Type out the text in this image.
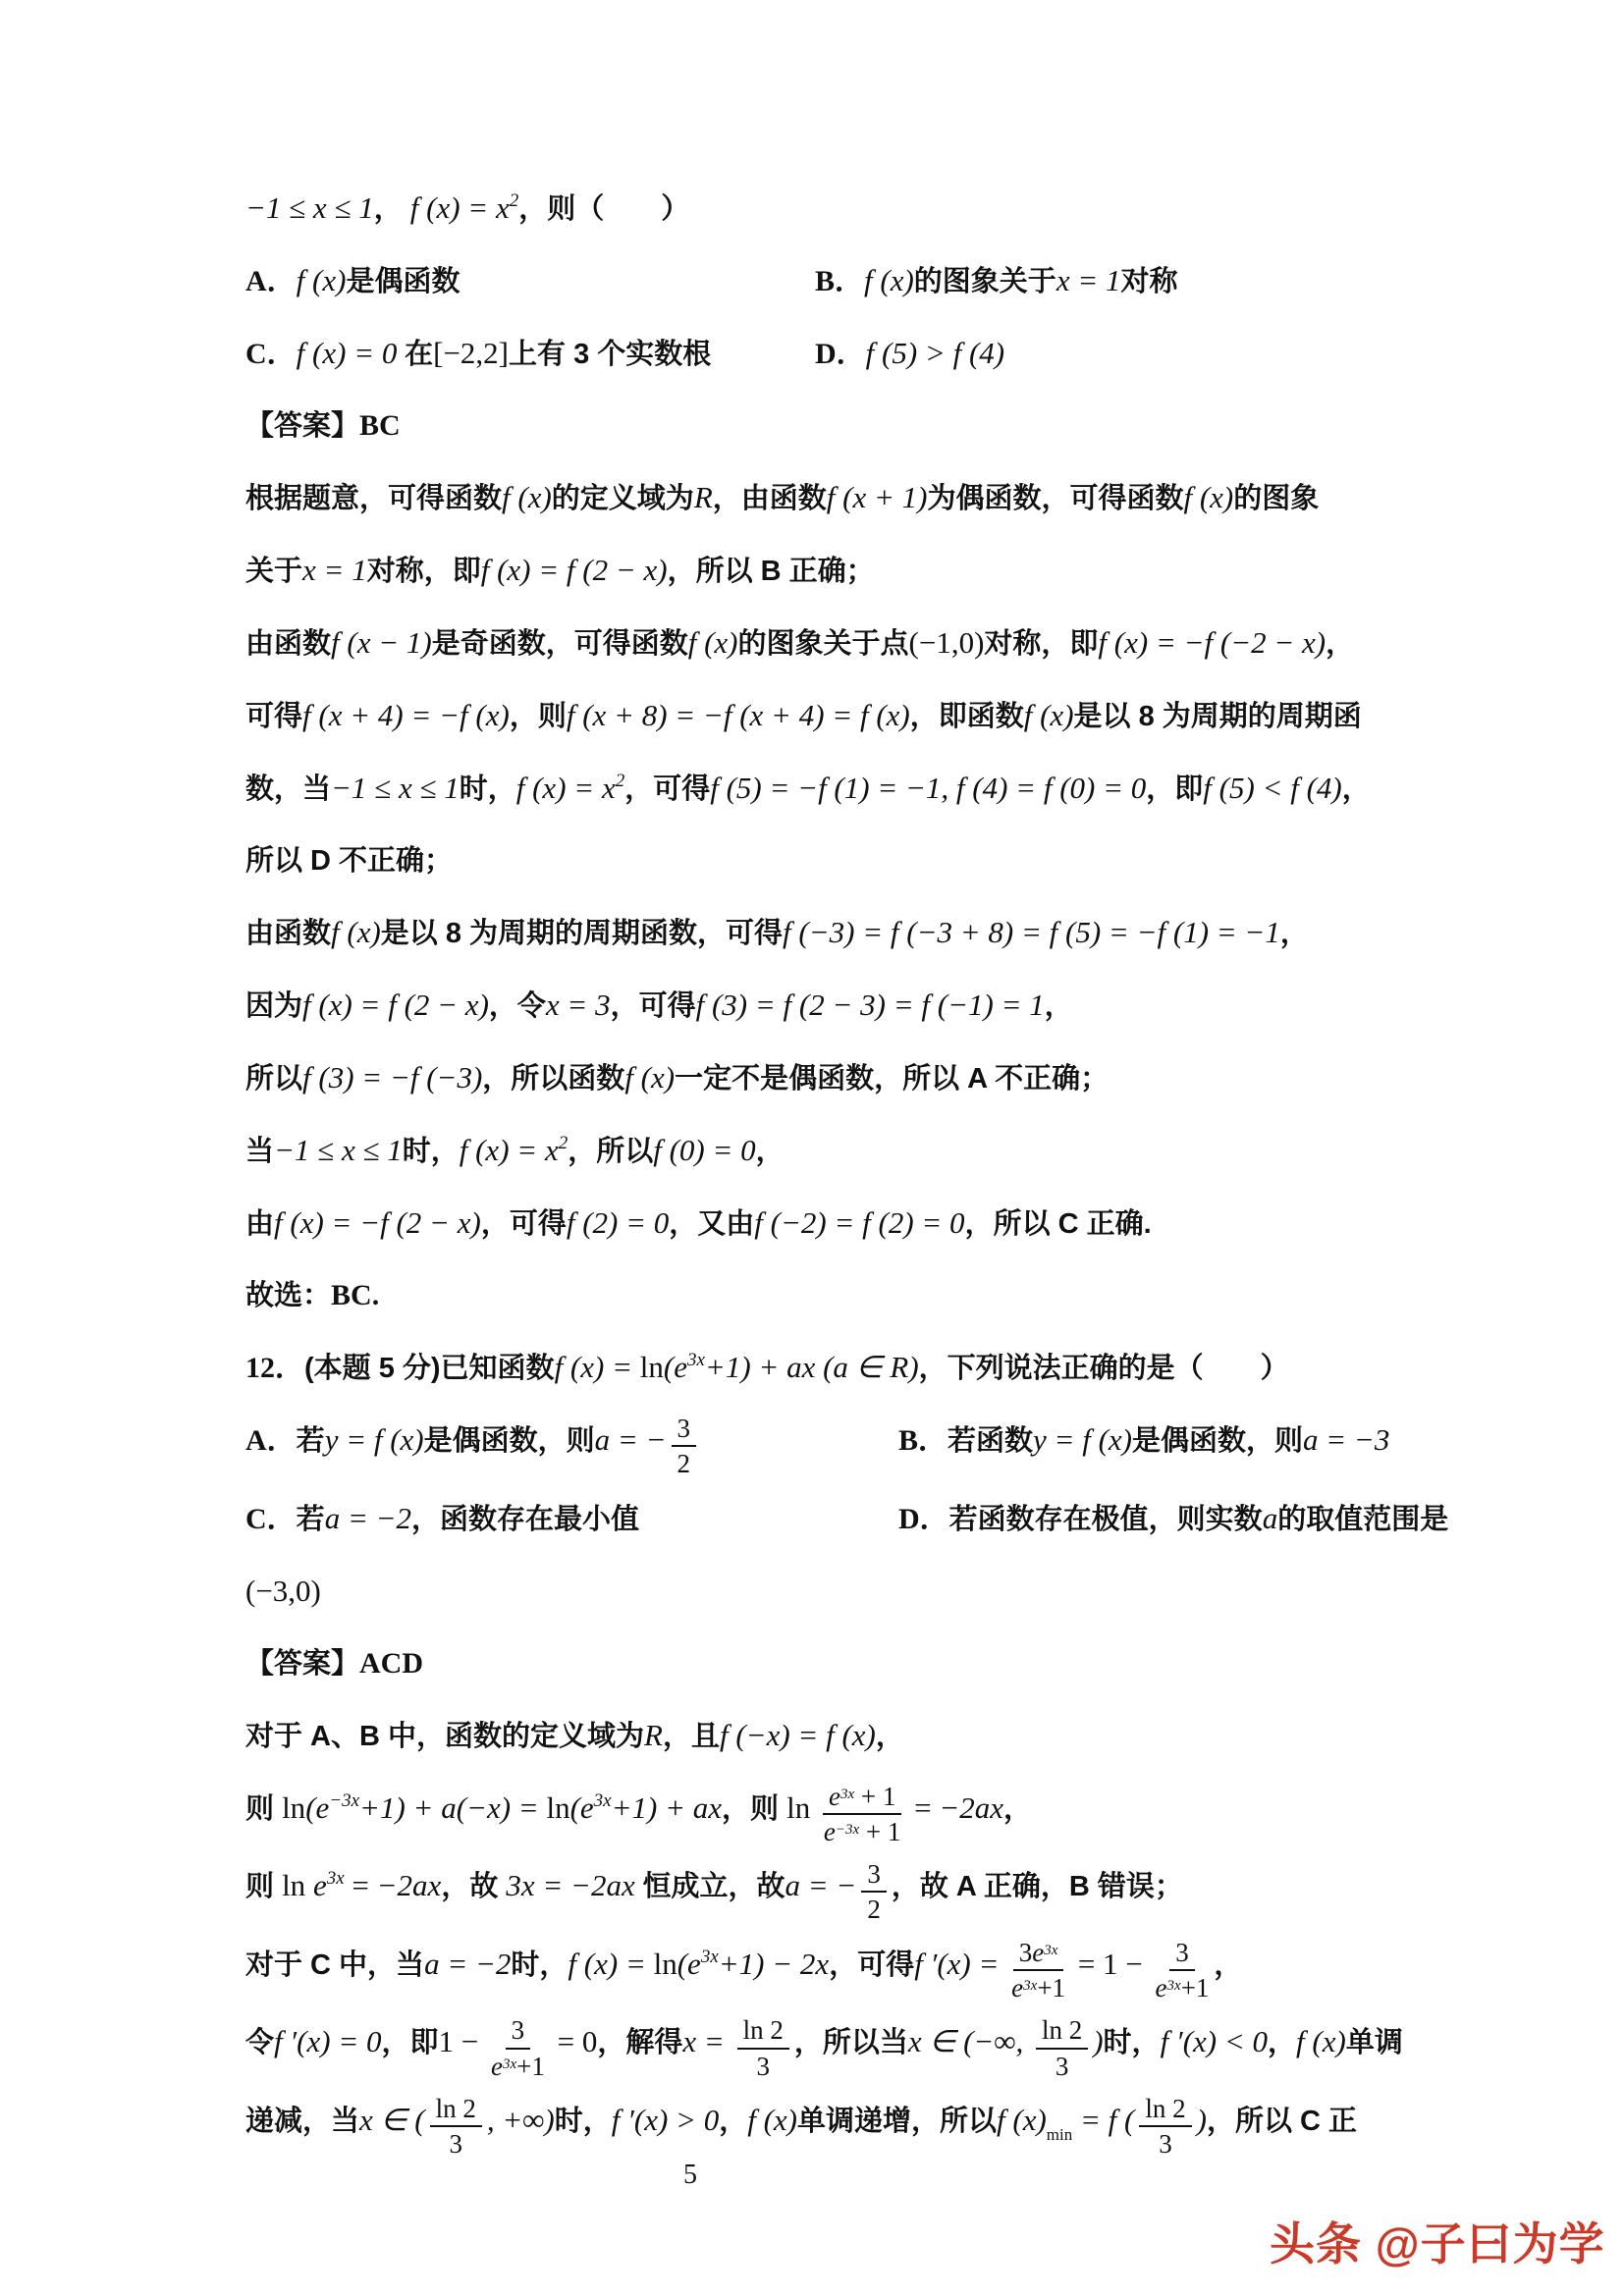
−1 ≤ x ≤ 1， f (x) = x2，则（　　）
A．f (x)是偶函数	B．f (x)的图象关于x = 1对称
C．f (x) = 0 在[−2,2]上有 3 个实数根	D．f (5) > f (4)
【答案】BC
根据题意，可得函数f (x)的定义域为R，由函数f (x + 1)为偶函数，可得函数f (x)的图象
关于x = 1对称，即f (x) = f (2 − x)，所以 B 正确；
由函数f (x − 1)是奇函数，可得函数f (x)的图象关于点(−1,0)对称，即f (x) = −f (−2 − x)，
可得f (x + 4) = −f (x)，则f (x + 8) = −f (x + 4) = f (x)，即函数f (x)是以 8 为周期的周期函
数，当−1 ≤ x ≤ 1时，f (x) = x2，可得f (5) = −f (1) = −1, f (4) = f (0) = 0，即f (5) < f (4)，
所以 D 不正确；
由函数f (x)是以 8 为周期的周期函数，可得f (−3) = f (−3 + 8) = f (5) = −f (1) = −1，
因为f (x) = f (2 − x)，令x = 3，可得f (3) = f (2 − 3) = f (−1) = 1，
所以f (3) = −f (−3)，所以函数f (x)一定不是偶函数，所以 A 不正确；
当−1 ≤ x ≤ 1时，f (x) = x2，所以f (0) = 0，
由f (x) = −f (2 − x)，可得f (2) = 0，又由f (−2) = f (2) = 0，所以 C 正确.
故选：BC.
12．(本题 5 分)已知函数f (x) = ln(e3x+1) + ax (a ∈ R)，下列说法正确的是（　　）
A．若y = f (x)是偶函数，则a = − $\frac{3}{2}$	B．若函数y = f (x)是偶函数，则a = −3
C．若a = −2，函数存在最小值	D．若函数存在极值，则实数a的取值范围是
(−3,0)
【答案】ACD
对于 A、B 中，函数的定义域为R，且f (−x) = f (x)，
则 ln(e−3x+1) + a(−x) = ln(e3x+1) + ax，则 $\ln \frac{e3x + 1}{e-3x + 1} = -2ax$，
则 ln e3x = −2ax，故 3x = −2ax 恒成立，故a = − $\frac{3}{2}$ ，故 A 正确，B 错误；
对于 C 中，当a = −2时，f (x) = ln(e3x+1) − 2x，可得f $'(x) = \frac{3e3x}{e3x+1} = 1 - \frac{3}{e3x+1}$ ，
令f ′(x) = 0，即$1 - \frac{3}{e3x+1} = 0$，解得$x = \frac{\ln 2}{3}$ ，所以当x ∈ (−∞, $\frac{\ln 2}{3}$ )时，f ′(x) < 0，f (x)单调
递减，当x ∈ ( $\frac{\ln 2}{3}$ , +∞)时，f ′(x) > 0，f (x)单调递增，所以f (x)min = f ( $\frac{\ln 2}{3}$ )，所以 C 正
5
头条 @子曰为学
